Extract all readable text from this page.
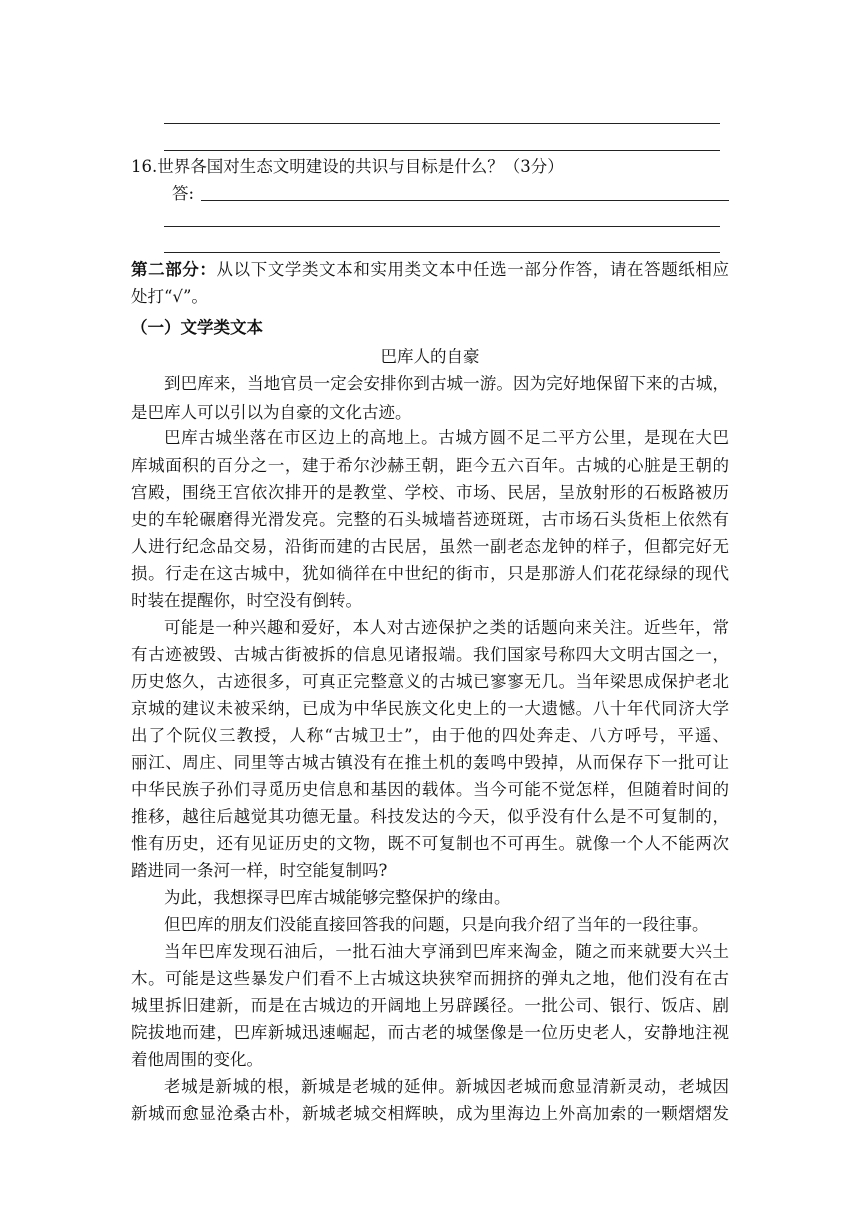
16.世界各国对生态文明建设的共识与目标是什么？（3分）
答:
第二部分：从以下文学类文本和实用类文本中任选一部分作答，请在答题纸相应
处打“√”。
（一）文学类文本
巴库人的自豪
到巴库来，当地官员一定会安排你到古城一游。因为完好地保留下来的古城，
是巴库人可以引以为自豪的文化古迹。
巴库古城坐落在市区边上的高地上。古城方圆不足二平方公里，是现在大巴
库城面积的百分之一，建于希尔沙赫王朝，距今五六百年。古城的心脏是王朝的
宫殿，围绕王宫依次排开的是教堂、学校、市场、民居，呈放射形的石板路被历
史的车轮碾磨得光滑发亮。完整的石头城墙苔迹斑斑，古市场石头货柜上依然有
人进行纪念品交易，沿街而建的古民居，虽然一副老态龙钟的样子，但都完好无
损。行走在这古城中，犹如徜徉在中世纪的街市，只是那游人们花花绿绿的现代
时装在提醒你，时空没有倒转。
可能是一种兴趣和爱好，本人对古迹保护之类的话题向来关注。近些年，常
有古迹被毁、古城古街被拆的信息见诸报端。我们国家号称四大文明古国之一，
历史悠久，古迹很多，可真正完整意义的古城已寥寥无几。当年梁思成保护老北
京城的建议未被采纳，已成为中华民族文化史上的一大遗憾。八十年代同济大学
出了个阮仪三教授，人称“古城卫士”，由于他的四处奔走、八方呼号，平遥、
丽江、周庄、同里等古城古镇没有在推土机的轰鸣中毁掉，从而保存下一批可让
中华民族子孙们寻觅历史信息和基因的载体。当今可能不觉怎样，但随着时间的
推移，越往后越觉其功德无量。科技发达的今天，似乎没有什么是不可复制的，
惟有历史，还有见证历史的文物，既不可复制也不可再生。就像一个人不能两次
踏进同一条河一样，时空能复制吗?
为此，我想探寻巴库古城能够完整保护的缘由。
但巴库的朋友们没能直接回答我的问题，只是向我介绍了当年的一段往事。
当年巴库发现石油后，一批石油大亨涌到巴库来淘金，随之而来就要大兴土
木。可能是这些暴发户们看不上古城这块狭窄而拥挤的弹丸之地，他们没有在古
城里拆旧建新，而是在古城边的开阔地上另辟蹊径。一批公司、银行、饭店、剧
院拔地而建，巴库新城迅速崛起，而古老的城堡像是一位历史老人，安静地注视
着他周围的变化。
老城是新城的根，新城是老城的延伸。新城因老城而愈显清新灵动，老城因
新城而愈显沧桑古朴，新城老城交相辉映，成为里海边上外高加索的一颗熠熠发
